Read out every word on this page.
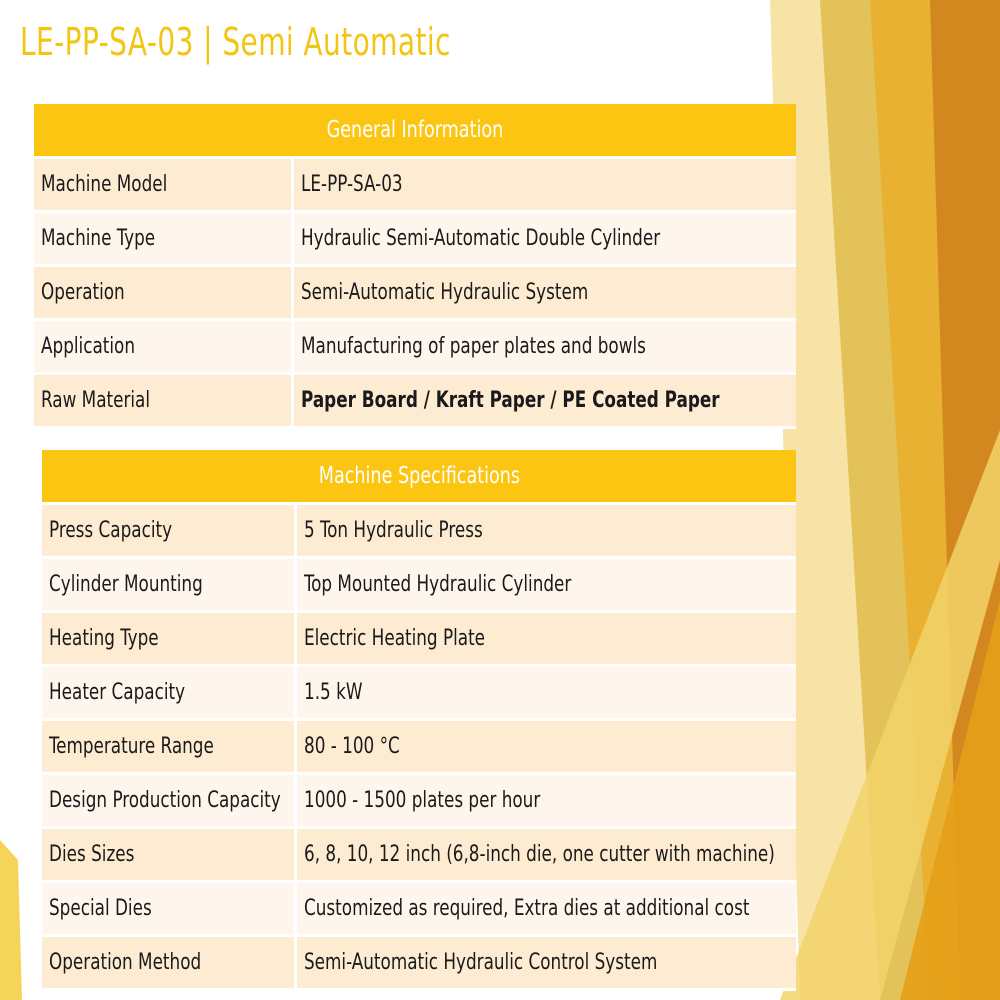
LE-PP-SA-03 | Semi Automatic
General Information	
Machine Model	LE-PP-SA-03
Machine Type	Hydraulic Semi-Automatic Double Cylinder
Operation	Semi-Automatic Hydraulic System
Application	Manufacturing of paper plates and bowls
Raw Material	Paper Board / Kraft Paper / PE Coated Paper
Machine Specifications	
Press Capacity	5 Ton Hydraulic Press
Cylinder Mounting	Top Mounted Hydraulic Cylinder
Heating Type	Electric Heating Plate
Heater Capacity	1.5 kW
Temperature Range	80 - 100 °C
Design Production Capacity	1000 - 1500 plates per hour
Dies Sizes	6, 8, 10, 12 inch (6,8-inch die, one cutter with machine)
Special Dies	Customized as required, Extra dies at additional cost
Operation Method	Semi-Automatic Hydraulic Control System
